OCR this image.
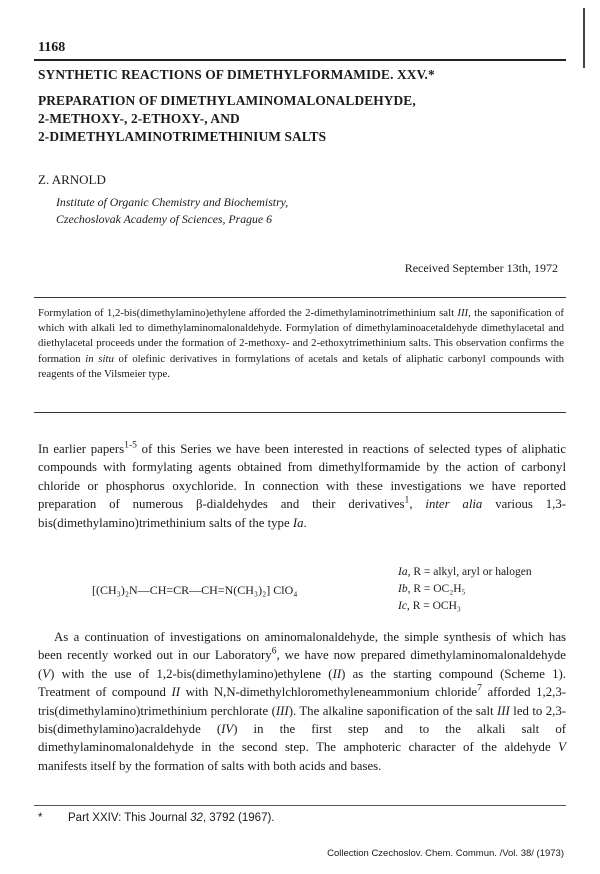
1168
SYNTHETIC REACTIONS OF DIMETHYLFORMAMIDE. XXV.*
PREPARATION OF DIMETHYLAMINOMALONALDEHYDE,
2-METHOXY-, 2-ETHOXY-, AND
2-DIMETHYLAMINOTRIMETHINIUM SALTS
Z. ARNOLD
Institute of Organic Chemistry and Biochemistry,
Czechoslovak Academy of Sciences, Prague 6
Received September 13th, 1972
Formylation of 1,2-bis(dimethylamino)ethylene afforded the 2-dimethylaminotrimethinium salt III, the saponification of which with alkali led to dimethylaminomalonaldehyde. Formylation of dimethylaminoacetaldehyde dimethylacetal and diethylacetal proceeds under the formation of 2-methoxy- and 2-ethoxytrimethinium salts. This observation confirms the formation in situ of olefinic derivatives in formylations of acetals and ketals of aliphatic carbonyl compounds with reagents of the Vilsmeier type.
In earlier papers$^{1-5}$ of this Series we have been interested in reactions of selected types of aliphatic compounds with formylating agents obtained from dimethylformamide by the action of carbonyl chloride or phosphorus oxychloride. In connection with these investigations we have reported preparation of numerous β-dialdehydes and their derivatives$^1$, inter alia various 1,3-bis(dimethylamino)trimethinium salts of the type Ia.
[(CH₃)₂N—CH=CR—CH=N(CH₃)₂] ClO₄
Ia, R = alkyl, aryl or halogen
Ib, R = OC₂H₅
Ic, R = OCH₃
As a continuation of investigations on aminomalonaldehyde, the simple synthesis of which has been recently worked out in our Laboratory$^6$, we have now prepared dimethylaminomalonaldehyde (V) with the use of 1,2-bis(dimethylamino)ethylene (II) as the starting compound (Scheme 1). Treatment of compound II with N,N-dimethylchloromethyleneammonium chloride$^7$ afforded 1,2,3-tris(dimethylamino)trimethinium perchlorate (III). The alkaline saponification of the salt III led to 2,3-bis(dimethylamino)acraldehyde (IV) in the first step and to the alkali salt of dimethylaminomalonaldehyde in the second step. The amphoteric character of the aldehyde V manifests itself by the formation of salts with both acids and bases.
* Part XXIV: This Journal 32, 3792 (1967).
Collection Czechoslov. Chem. Commun. /Vol. 38/ (1973)
